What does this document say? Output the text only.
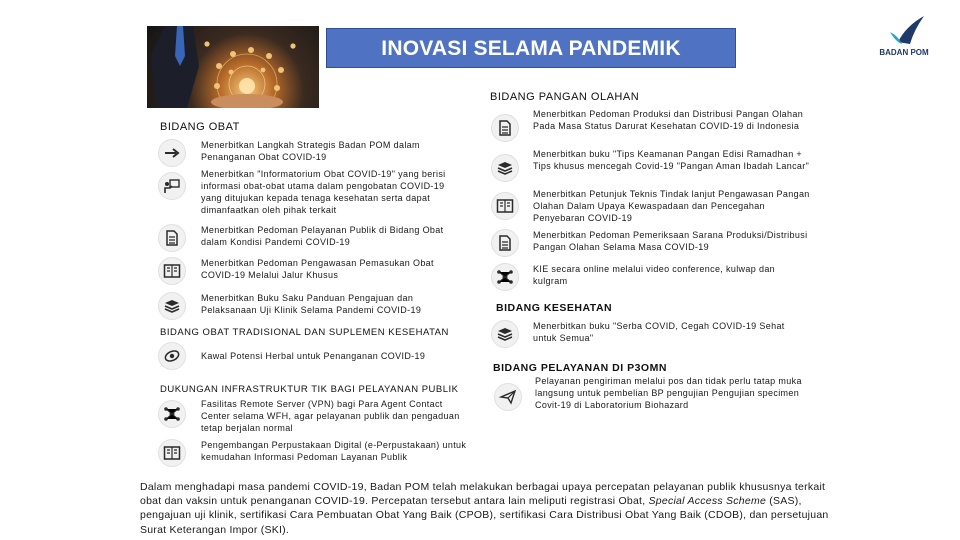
INOVASI SELAMA PANDEMIK	BADAN POM
BIDANG OBAT
Menerbitkan Langkah Strategis Badan POM dalam Penanganan Obat COVID-19
Menerbitkan "Informatorium Obat COVID-19" yang berisi informasi obat-obat utama dalam pengobatan COVID-19 yang ditujukan kepada tenaga kesehatan serta dapat dimanfaatkan oleh pihak terkait
Menerbitkan Pedoman Pelayanan Publik di Bidang Obat dalam Kondisi Pandemi COVID-19
Menerbitkan Pedoman Pengawasan Pemasukan Obat COVID-19 Melalui Jalur Khusus
Menerbitkan Buku Saku Panduan Pengajuan dan Pelaksanaan Uji Klinik Selama Pandemi COVID-19
BIDANG OBAT TRADISIONAL DAN SUPLEMEN KESEHATAN
Kawal Potensi Herbal untuk Penanganan COVID-19
DUKUNGAN INFRASTRUKTUR TIK BAGI PELAYANAN PUBLIK
Fasilitas Remote Server (VPN) bagi Para Agent Contact Center selama WFH, agar pelayanan publik dan pengaduan tetap berjalan normal
Pengembangan Perpustakaan Digital (e-Perpustakaan) untuk kemudahan Informasi Pedoman Layanan Publik
BIDANG PANGAN OLAHAN
Menerbitkan Pedoman Produksi dan Distribusi Pangan Olahan Pada Masa Status Darurat Kesehatan COVID-19 di Indonesia
Menerbitkan buku "Tips Keamanan Pangan Edisi Ramadhan + Tips khusus mencegah Covid-19 "Pangan Aman Ibadah Lancar"
Menerbitkan Petunjuk Teknis Tindak lanjut Pengawasan Pangan Olahan Dalam Upaya Kewaspadaan dan Pencegahan Penyebaran COVID-19
Menerbitkan Pedoman Pemeriksaan Sarana Produksi/Distribusi Pangan Olahan Selama Masa COVID-19
KIE secara online melalui video conference, kulwap dan kulgram
BIDANG KESEHATAN
Menerbitkan buku "Serba COVID, Cegah COVID-19 Sehat untuk Semua"
BIDANG PELAYANAN DI P3OMN
Pelayanan pengiriman melalui pos dan tidak perlu tatap muka langsung untuk pembelian BP pengujian Pengujian specimen Covit-19 di Laboratorium Biohazard
Dalam menghadapi masa pandemi COVID-19, Badan POM telah melakukan berbagai upaya percepatan pelayanan publik khususnya terkait obat dan vaksin untuk penanganan COVID-19. Percepatan tersebut antara lain meliputi registrasi Obat, Special Access Scheme (SAS), pengajuan uji klinik, sertifikasi Cara Pembuatan Obat Yang Baik (CPOB), sertifikasi Cara Distribusi Obat Yang Baik (CDOB), dan persetujuan Surat Keterangan Impor (SKI).
